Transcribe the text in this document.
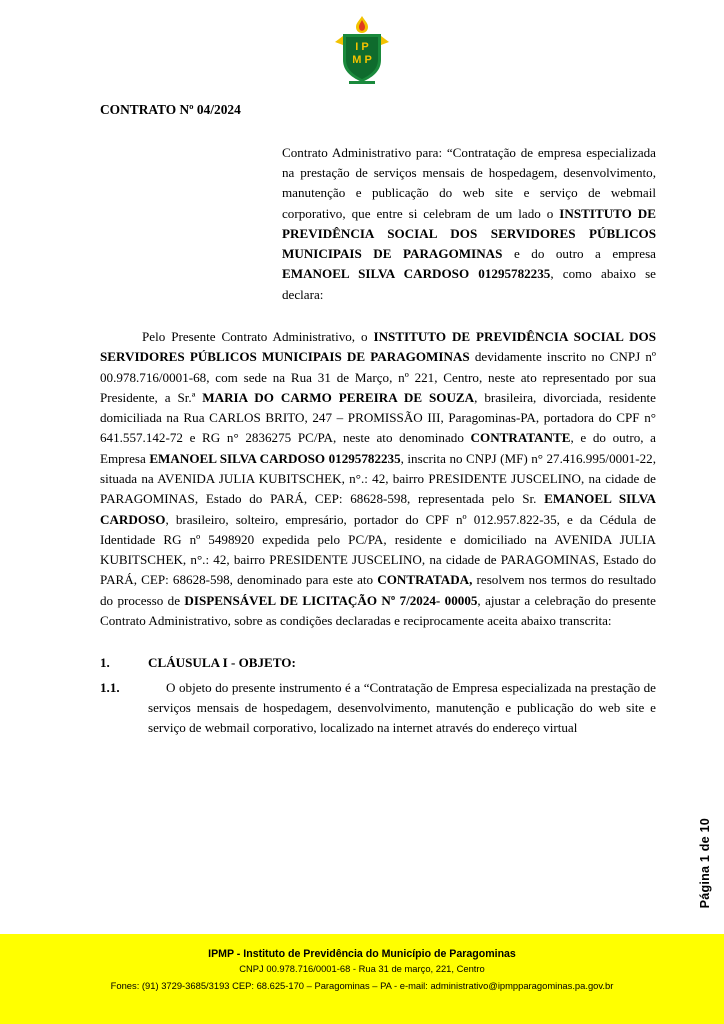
I P
M P
CONTRATO Nº 04/2024
Contrato Administrativo para: “Contratação de empresa especializada na prestação de serviços mensais de hospedagem, desenvolvimento, manutenção e publicação do web site e serviço de webmail corporativo, que entre si celebram de um lado o INSTITUTO DE PREVIDÊNCIA SOCIAL DOS SERVIDORES PÚBLICOS MUNICIPAIS DE PARAGOMINAS e do outro a empresa EMANOEL SILVA CARDOSO 01295782235, como abaixo se declara:
Pelo Presente Contrato Administrativo, o INSTITUTO DE PREVIDÊNCIA SOCIAL DOS SERVIDORES PÚBLICOS MUNICIPAIS DE PARAGOMINAS devidamente inscrito no CNPJ nº 00.978.716/0001-68, com sede na Rua 31 de Março, nº 221, Centro, neste ato representado por sua Presidente, a Sr.ª MARIA DO CARMO PEREIRA DE SOUZA, brasileira, divorciada, residente domiciliada na Rua CARLOS BRITO, 247 – PROMISSÃO III, Paragominas-PA, portadora do CPF n° 641.557.142-72 e RG n° 2836275 PC/PA, neste ato denominado CONTRATANTE, e do outro, a Empresa EMANOEL SILVA CARDOSO 01295782235, inscrita no CNPJ (MF) n° 27.416.995/0001-22, situada na AVENIDA JULIA KUBITSCHEK, n°.: 42, bairro PRESIDENTE JUSCELINO, na cidade de PARAGOMINAS, Estado do PARÁ, CEP: 68628-598, representada pelo Sr. EMANOEL SILVA CARDOSO, brasileiro, solteiro, empresário, portador do CPF nº 012.957.822-35, e da Cédula de Identidade RG nº 5498920 expedida pelo PC/PA, residente e domiciliado na AVENIDA JULIA KUBITSCHEK, n°.: 42, bairro PRESIDENTE JUSCELINO, na cidade de PARAGOMINAS, Estado do PARÁ, CEP: 68628-598, denominado para este ato CONTRATADA, resolvem nos termos do resultado do processo de DISPENSÁVEL DE LICITAÇÃO Nº 7/2024- 00005, ajustar a celebração do presente Contrato Administrativo, sobre as condições declaradas e reciprocamente aceita abaixo transcrita:
1.	CLÁUSULA I - OBJETO:
1.1.	O objeto do presente instrumento é a “Contratação de Empresa especializada na prestação de serviços mensais de hospedagem, desenvolvimento, manutenção e publicação do web site e serviço de webmail corporativo, localizado na internet através do endereço virtual
Página 1 de 10
IPMP - Instituto de Previdência do Município de Paragominas
CNPJ 00.978.716/0001-68 - Rua 31 de março, 221, Centro
Fones: (91) 3729-3685/3193 CEP: 68.625-170 – Paragominas – PA - e-mail: administrativo@ipmpparagominas.pa.gov.br
